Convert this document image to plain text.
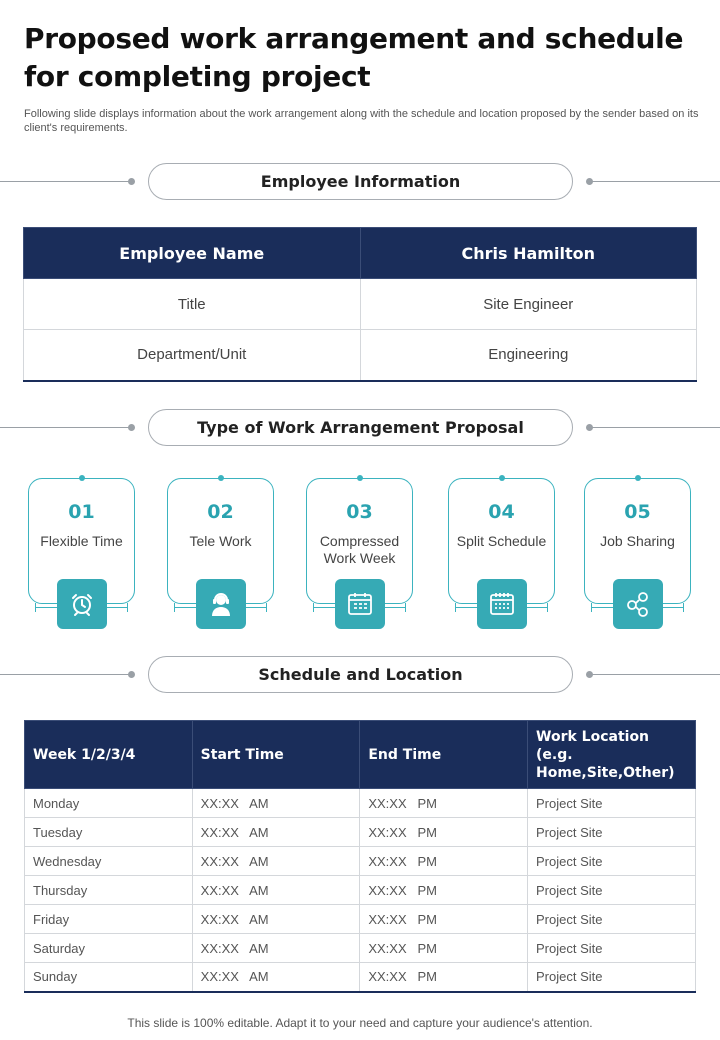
Proposed work arrangement and schedule for completing project
Following slide displays information about the work arrangement along with the schedule and location proposed by the sender based on its client's requirements.
Employee Information
Employee Name	Chris Hamilton
Title	Site Engineer
Department/Unit	Engineering
Type of Work Arrangement Proposal
01
Flexible Time
02
Tele Work
03
Compressed Work Week
04
Split Schedule
05
Job Sharing
Schedule and Location
Week 1/2/3/4	Start Time	End Time	Work Location (e.g. Home,Site,Other)
Monday	XX:XX   AM	XX:XX   PM	Project Site
Tuesday	XX:XX   AM	XX:XX   PM	Project Site
Wednesday	XX:XX   AM	XX:XX   PM	Project Site
Thursday	XX:XX   AM	XX:XX   PM	Project Site
Friday	XX:XX   AM	XX:XX   PM	Project Site
Saturday	XX:XX   AM	XX:XX   PM	Project Site
Sunday	XX:XX   AM	XX:XX   PM	Project Site
This slide is 100% editable. Adapt it to your need and capture your audience's attention.
